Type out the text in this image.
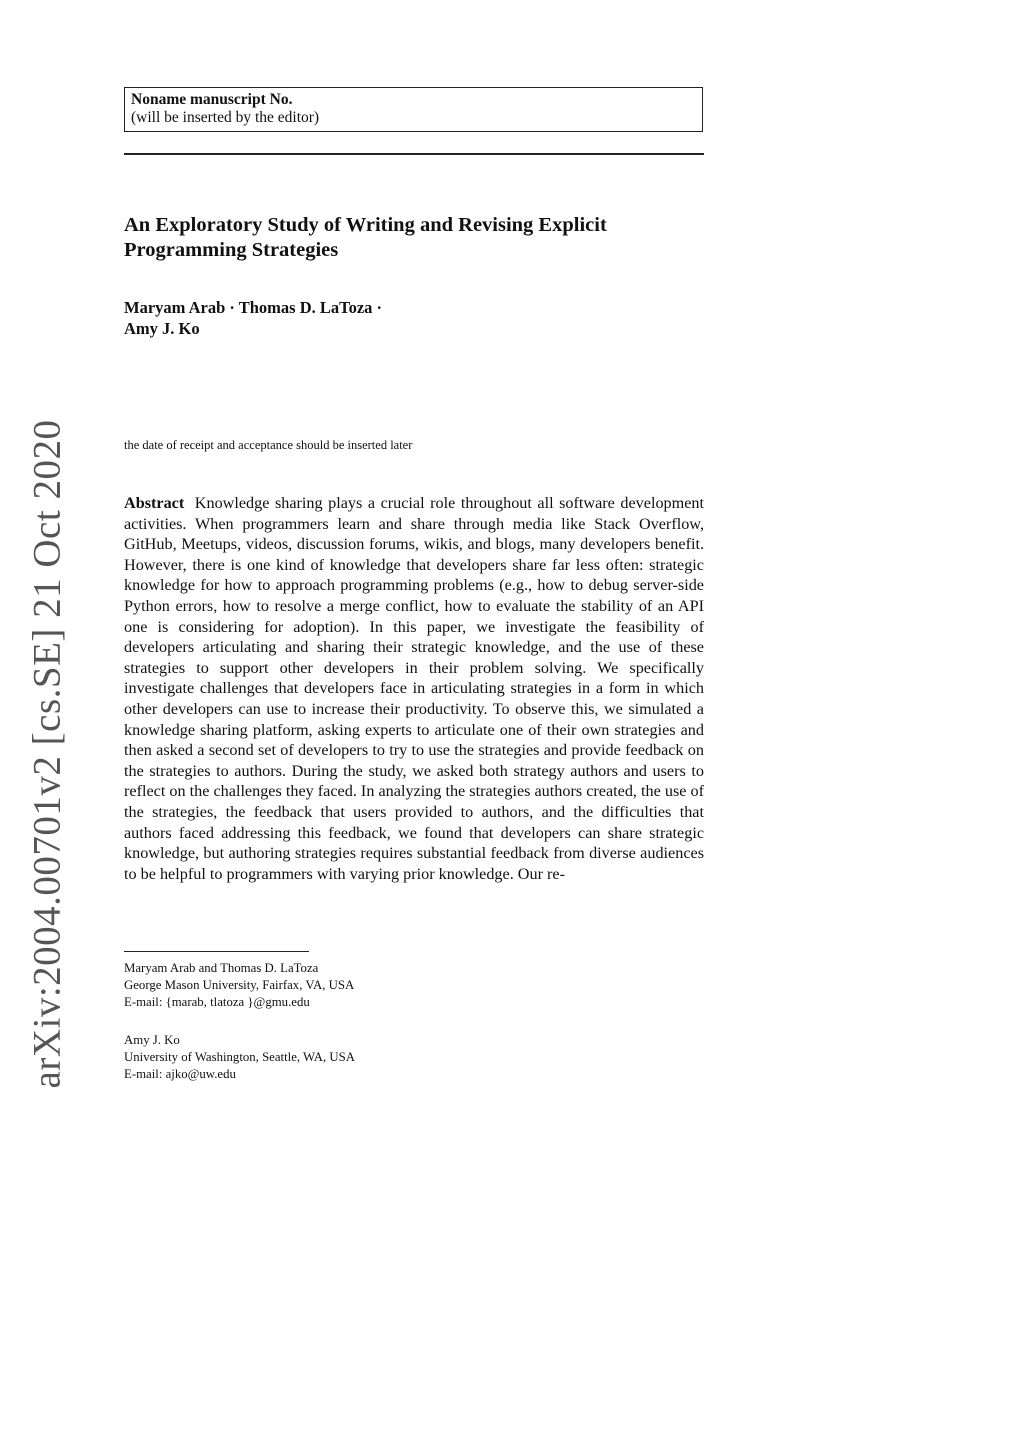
arXiv:2004.00701v2 [cs.SE] 21 Oct 2020
Noname manuscript No.
(will be inserted by the editor)
An Exploratory Study of Writing and Revising Explicit Programming Strategies
Maryam Arab · Thomas D. LaToza ·
Amy J. Ko
the date of receipt and acceptance should be inserted later

Abstract Knowledge sharing plays a crucial role throughout all software development activities. When programmers learn and share through media like Stack Overflow, GitHub, Meetups, videos, discussion forums, wikis, and blogs, many developers benefit. However, there is one kind of knowledge that developers share far less often: strategic knowledge for how to approach programming problems (e.g., how to debug server-side Python errors, how to resolve a merge conflict, how to evaluate the stability of an API one is considering for adoption). In this paper, we investigate the feasibility of developers articulating and sharing their strategic knowledge, and the use of these strategies to support other developers in their problem solving. We specifically investigate challenges that developers face in articulating strategies in a form in which other developers can use to increase their productivity. To observe this, we simulated a knowledge sharing platform, asking experts to articulate one of their own strategies and then asked a second set of developers to try to use the strategies and provide feedback on the strategies to authors. During the study, we asked both strategy authors and users to reflect on the challenges they faced. In analyzing the strategies authors created, the use of the strategies, the feedback that users provided to authors, and the difficulties that authors faced addressing this feedback, we found that developers can share strategic knowledge, but authoring strategies requires substantial feedback from diverse audiences to be helpful to programmers with varying prior knowledge. Our re-

Maryam Arab and Thomas D. LaToza
George Mason University, Fairfax, VA, USA
E-mail: {marab, tlatoza }@gmu.edu
Amy J. Ko
University of Washington, Seattle, WA, USA
E-mail: ajko@uw.edu
